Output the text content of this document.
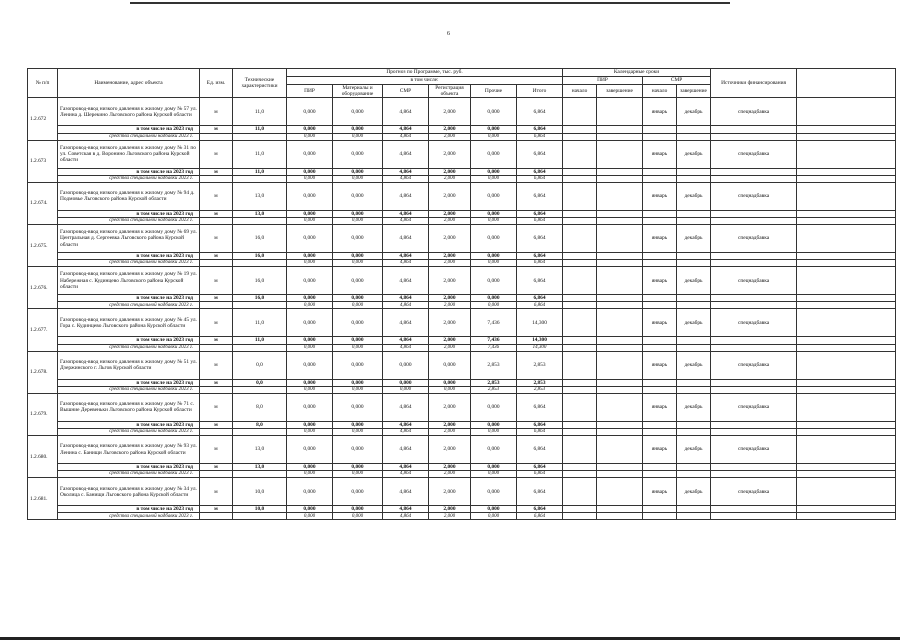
6
№ п/п	Наименование, адрес объекта	Ед. изм.	Технические характеристики	Прогноз по Программе, тыс. руб.						Календарные сроки				Источники финансирования	
				в том числе:						ПИР		СМР			
				ПИР	Материалы и оборудование	СМР	Регистрация объекта	Прочие	Итого	начало	завершение	начало	завершение		
1.2.672	Газопровод-ввод низкого давления к жилому дому № 57 ул. Ленина д. Шерекино Льговского района Курской области	м	11,0	0,000	0,000	4,864	2,000	0,000	6,864			январь	декабрь	спецнадбавка	
	в том числе на 2023 год	м	11,0	0,000	0,000	4,864	2,000	0,000	6,864						
	средства специальной надбавки 2023 г.			0,000	0,000	4,864	2,000	0,000	6,864						
1.2.673	Газопровод-ввод низкого давления к жилому дому № 31 по ул. Советская в д. Воронино Льговского района Курской области	м	11,0	0,000	0,000	4,864	2,000	0,000	6,864			январь	декабрь	спецнадбавка	
	в том числе на 2023 год	м	11,0	0,000	0,000	4,864	2,000	0,000	6,864						
	средства специальной надбавки 2023 г.			0,000	0,000	4,864	2,000	0,000	6,864						
1.2.674.	Газопровод-ввод низкого давления к жилому дому № 94 д. Подмовье Льговского района Курской области	м	13,0	0,000	0,000	4,864	2,000	0,000	6,864			январь	декабрь	спецнадбавка	
	в том числе на 2023 год	м	13,0	0,000	0,000	4,864	2,000	0,000	6,864						
	средства специальной надбавки 2023 г.			0,000	0,000	4,864	2,000	0,000	6,864						
1.2.675.	Газопровод-ввод низкого давления к жилому дому № 69 ул. Центральная д. Сергеевка Льговского района Курской области	м	16,0	0,000	0,000	4,864	2,000	0,000	6,864			январь	декабрь	спецнадбавка	
	в том числе на 2023 год	м	16,0	0,000	0,000	4,864	2,000	0,000	6,864						
	средства специальной надбавки 2023 г.			0,000	0,000	4,864	2,000	0,000	6,864						
1.2.676.	Газопровод-ввод низкого давления к жилому дому № 19 ул. Набережная с. Кудинцево Льговского района Курской области	м	16,0	0,000	0,000	4,864	2,000	0,000	6,864			январь	декабрь	спецнадбавка	
	в том числе на 2023 год	м	16,0	0,000	0,000	4,864	2,000	0,000	6,864						
	средства специальной надбавки 2023 г.			0,000	0,000	4,864	2,000	0,000	6,864						
1.2.677.	Газопровод-ввод низкого давления к жилому дому № 45 ул. Гора с. Кудинцево Льговского района Курской области	м	11,0	0,000	0,000	4,864	2,000	7,436	14,300			январь	декабрь	спецнадбавка	
	в том числе на 2023 год	м	11,0	0,000	0,000	4,864	2,000	7,436	14,300						
	средства специальной надбавки 2023 г.			0,000	0,000	4,864	2,000	7,436	14,300						
1.2.678.	Газопровод-ввод низкого давления к жилому дому № 51 ул. Дзержинского г. Льгов Курской области	м	0,0	0,000	0,000	0,000	0,000	2,853	2,853			январь	декабрь	спецнадбавка	
	в том числе на 2023 год	м	0,0	0,000	0,000	0,000	0,000	2,853	2,853						
	средства специальной надбавки 2023 г.			0,000	0,000	0,000	0,000	2,853	2,853						
1.2.679.	Газопровод-ввод низкого давления к жилому дому № 71 с. Вышние Деревеньки Льговского района Курской области	м	8,0	0,000	0,000	4,864	2,000	0,000	6,864			январь	декабрь	спецнадбавка	
	в том числе на 2023 год	м	8,0	0,000	0,000	4,864	2,000	0,000	6,864						
	средства специальной надбавки 2023 г.			0,000	0,000	4,864	2,000	0,000	6,864						
1.2.680.	Газопровод-ввод низкого давления к жилому дому № 93 ул. Ленина с. Банищи Льговского района Курской области	м	13,0	0,000	0,000	4,864	2,000	0,000	6,864			январь	декабрь	спецнадбавка	
	в том числе на 2023 год	м	13,0	0,000	0,000	4,864	2,000	0,000	6,864						
	средства специальной надбавки 2023 г.			0,000	0,000	4,864	2,000	0,000	6,864						
1.2.681.	Газопровод-ввод низкого давления к жилому дому № 34 ул. Околица с. Банищи Льговского района Курской области	м	10,0	0,000	0,000	4,864	2,000	0,000	6,864			январь	декабрь	спецнадбавка	
	в том числе на 2023 год	м	10,0	0,000	0,000	4,864	2,000	0,000	6,864						
	средства специальной надбавки 2023 г.			0,000	0,000	4,864	2,000	0,000	6,864						
